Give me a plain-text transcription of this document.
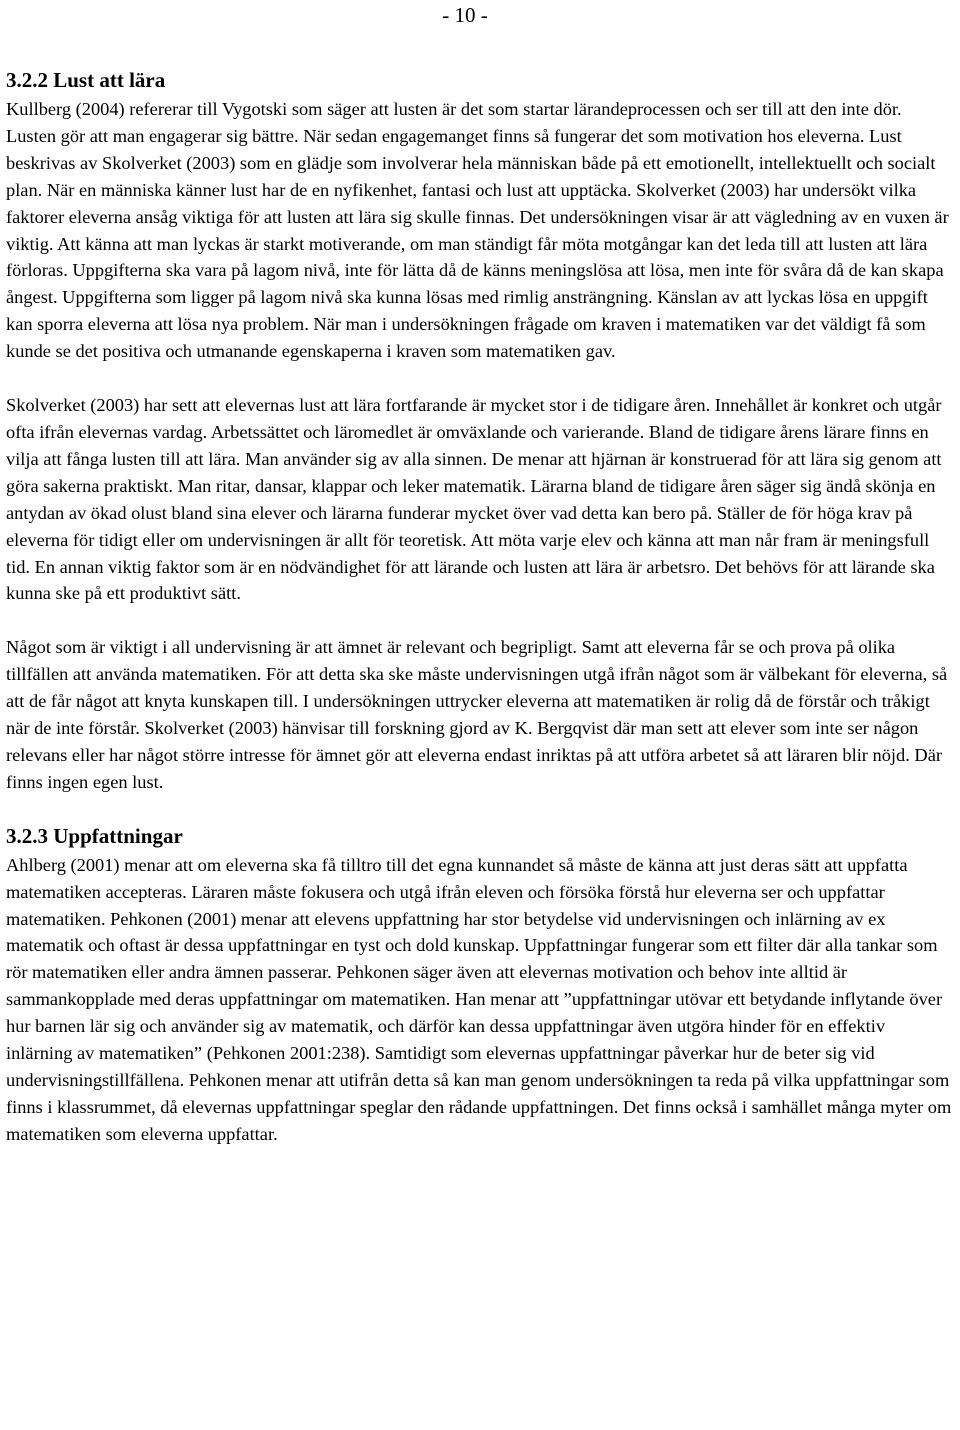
- 10 -
3.2.2 Lust att lära

Kullberg (2004) refererar till Vygotski som säger att lusten är det som startar lärandeprocessen och ser till att den inte dör. Lusten gör att man engagerar sig bättre. När sedan engagemanget finns så fungerar det som motivation hos eleverna. Lust beskrivas av Skolverket (2003) som en glädje som involverar hela människan både på ett emotionellt, intellektuellt och socialt plan. När en människa känner lust har de en nyfikenhet, fantasi och lust att upptäcka. Skolverket (2003) har undersökt vilka faktorer eleverna ansåg viktiga för att lusten att lära sig skulle finnas. Det undersökningen visar är att vägledning av en vuxen är viktig. Att känna att man lyckas är starkt motiverande, om man ständigt får möta motgångar kan det leda till att lusten att lära förloras. Uppgifterna ska vara på lagom nivå, inte för lätta då de känns meningslösa att lösa, men inte för svåra då de kan skapa ångest. Uppgifterna som ligger på lagom nivå ska kunna lösas med rimlig ansträngning. Känslan av att lyckas lösa en uppgift kan sporra eleverna att lösa nya problem. När man i undersökningen frågade om kraven i matematiken var det väldigt få som kunde se det positiva och utmanande egenskaperna i kraven som matematiken gav.

Skolverket (2003) har sett att elevernas lust att lära fortfarande är mycket stor i de tidigare åren. Innehållet är konkret och utgår ofta ifrån elevernas vardag. Arbetssättet och läromedlet är omväxlande och varierande. Bland de tidigare årens lärare finns en vilja att fånga lusten till att lära. Man använder sig av alla sinnen. De menar att hjärnan är konstruerad för att lära sig genom att göra sakerna praktiskt. Man ritar, dansar, klappar och leker matematik. Lärarna bland de tidigare åren säger sig ändå skönja en antydan av ökad olust bland sina elever och lärarna funderar mycket över vad detta kan bero på. Ställer de för höga krav på eleverna för tidigt eller om undervisningen är allt för teoretisk. Att möta varje elev och känna att man når fram är meningsfull tid. En annan viktig faktor som är en nödvändighet för att lärande och lusten att lära är arbetsro. Det behövs för att lärande ska kunna ske på ett produktivt sätt.

Något som är viktigt i all undervisning är att ämnet är relevant och begripligt. Samt att eleverna får se och prova på olika tillfällen att använda matematiken. För att detta ska ske måste undervisningen utgå ifrån något som är välbekant för eleverna, så att de får något att knyta kunskapen till. I undersökningen uttrycker eleverna att matematiken är rolig då de förstår och tråkigt när de inte förstår. Skolverket (2003) hänvisar till forskning gjord av K. Bergqvist där man sett att elever som inte ser någon relevans eller har något större intresse för ämnet gör att eleverna endast inriktas på att utföra arbetet så att läraren blir nöjd. Där finns ingen egen lust.

3.2.3 Uppfattningar

Ahlberg (2001) menar att om eleverna ska få tilltro till det egna kunnandet så måste de känna att just deras sätt att uppfatta matematiken accepteras. Läraren måste fokusera och utgå ifrån eleven och försöka förstå hur eleverna ser och uppfattar matematiken. Pehkonen (2001) menar att elevens uppfattning har stor betydelse vid undervisningen och inlärning av ex matematik och oftast är dessa uppfattningar en tyst och dold kunskap. Uppfattningar fungerar som ett filter där alla tankar som rör matematiken eller andra ämnen passerar. Pehkonen säger även att elevernas motivation och behov inte alltid är sammankopplade med deras uppfattningar om matematiken. Han menar att ”uppfattningar utövar ett betydande inflytande över hur barnen lär sig och använder sig av matematik, och därför kan dessa uppfattningar även utgöra hinder för en effektiv inlärning av matematiken” (Pehkonen 2001:238). Samtidigt som elevernas uppfattningar påverkar hur de beter sig vid undervisningstillfällena. Pehkonen menar att utifrån detta så kan man genom undersökningen ta reda på vilka uppfattningar som finns i klassrummet, då elevernas uppfattningar speglar den rådande uppfattningen. Det finns också i samhället många myter om matematiken som eleverna uppfattar.
